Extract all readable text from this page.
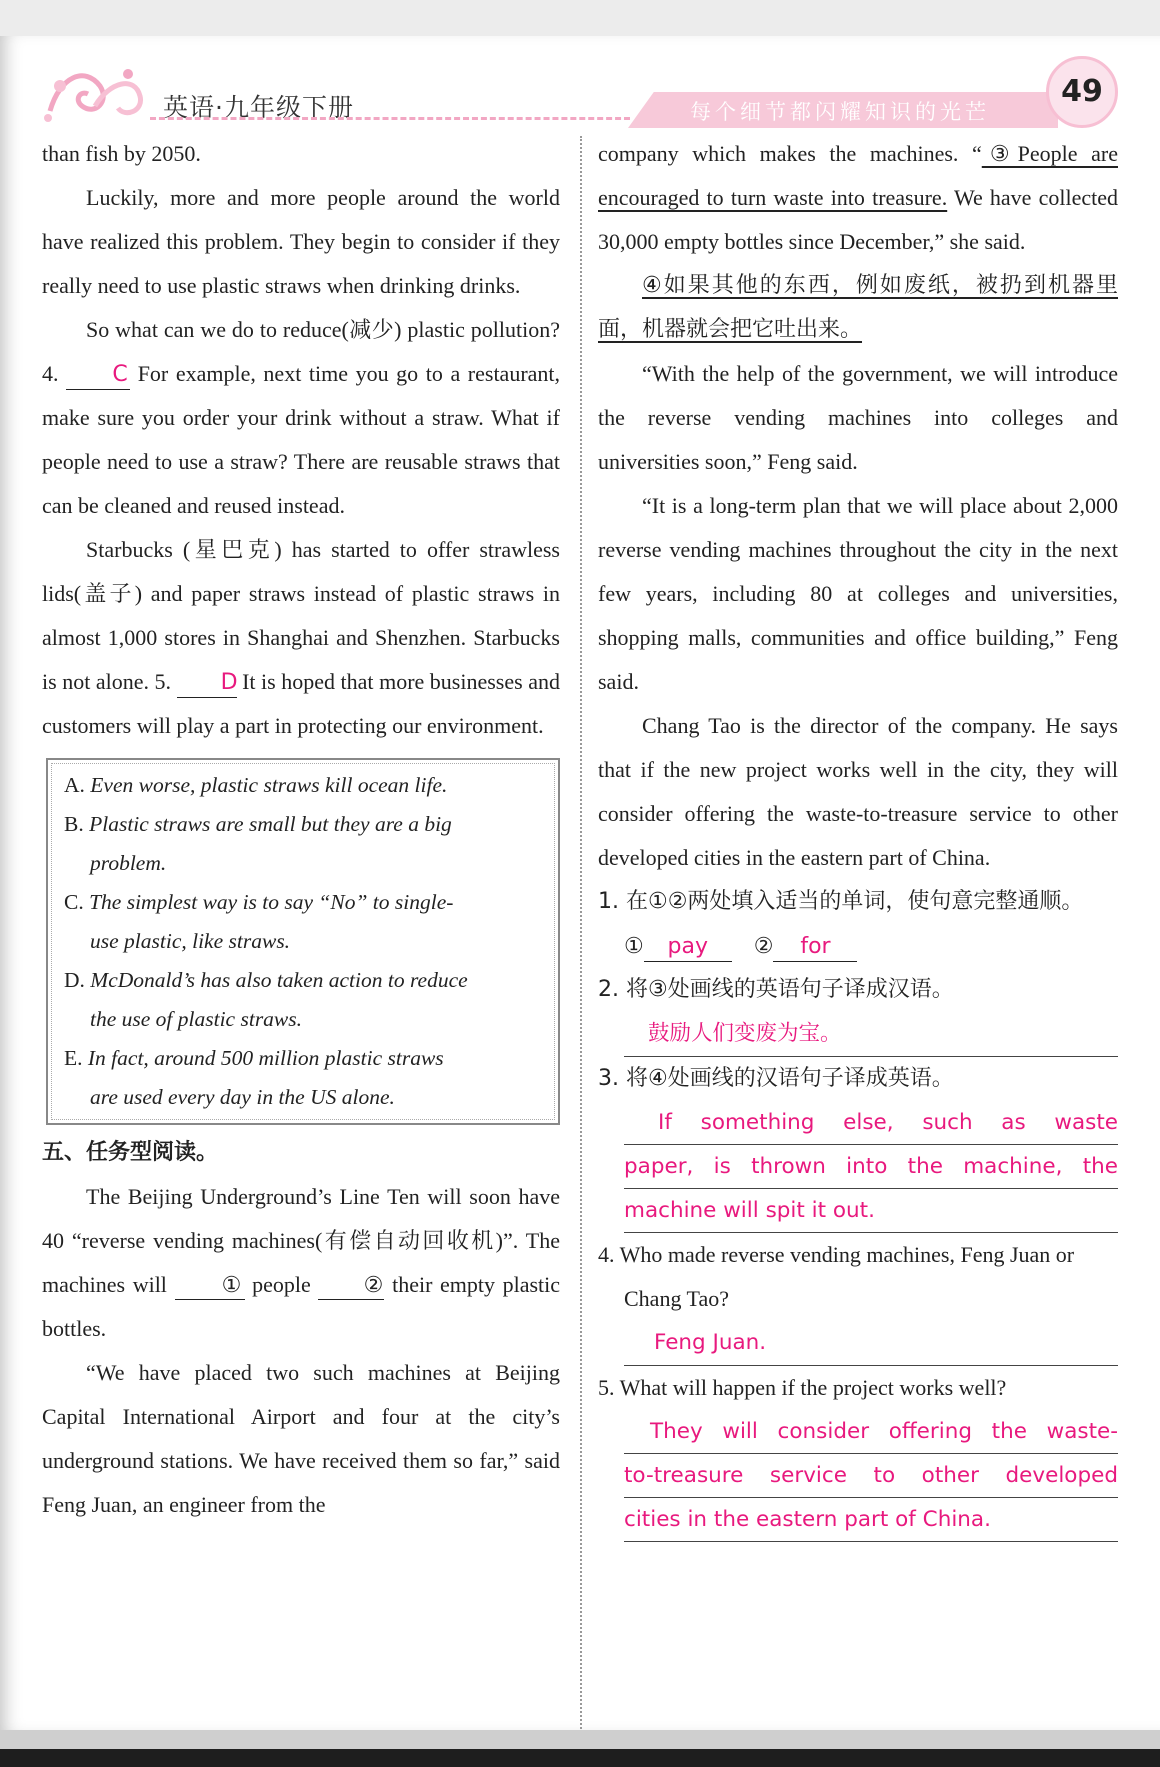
英语·九年级下册	每个细节都闪耀知识的光芒
49

than fish by 2050.

Luckily, more and more people around the world have realized this problem. They begin to consider if they really need to use plastic straws when drinking drinks.

So what can we do to reduce(减少) plastic pollution? 4. C For example, next time you go to a restaurant, make sure you order your drink without a straw. What if people need to use a straw? There are reusable straws that can be cleaned and reused instead.

Starbucks (星巴克) has started to offer strawless lids(盖子) and paper straws instead of plastic straws in almost 1,000 stores in Shanghai and Shenzhen. Starbucks is not alone. 5. D It is hoped that more businesses and customers will play a part in protecting our environment.

A. Even worse, plastic straws kill ocean life.
B. Plastic straws are small but they are a big
problem.
C. The simplest way is to say “No” to single-
use plastic, like straws.
D. McDonald’s has also taken action to reduce
the use of plastic straws.
E. In fact, around 500 million plastic straws
are used every day in the US alone.
五、任务型阅读。

The Beijing Underground’s Line Ten will soon have 40 “reverse vending machines(有偿自动回收机)”. The machines will ① people ② their empty plastic bottles.

“We have placed two such machines at Beijing Capital International Airport and four at the city’s underground stations. We have received them so far,” said Feng Juan, an engineer from the

company which makes the machines. “③People are encouraged to turn waste into treasure. We have collected 30,000 empty bottles since December,” she said.

④如果其他的东西，例如废纸，被扔到机器里面，机器就会把它吐出来。

“With the help of the government, we will introduce the reverse vending machines into colleges and universities soon,” Feng said.

“It is a long-term plan that we will place about 2,000 reverse vending machines throughout the city in the next few years, including 80 at colleges and universities, shopping malls, communities and office building,” Feng said.

Chang Tao is the director of the company. He says that if the new project works well in the city, they will consider offering the waste-to-treasure service to other developed cities in the eastern part of China.

1. 在①②两处填入适当的单词，使句意完整通顺。

① pay ② for

2. 将③处画线的英语句子译成汉语。

鼓励人们变废为宝。

3. 将④处画线的汉语句子译成英语。

If something else, such as waste
paper, is thrown into the machine, the
machine will spit it out.

4. Who made reverse vending machines, Feng Juan or Chang Tao?

Feng Juan.

5. What will happen if the project works well?

They will consider offering the waste-
to-treasure service to other developed
cities in the eastern part of China.
